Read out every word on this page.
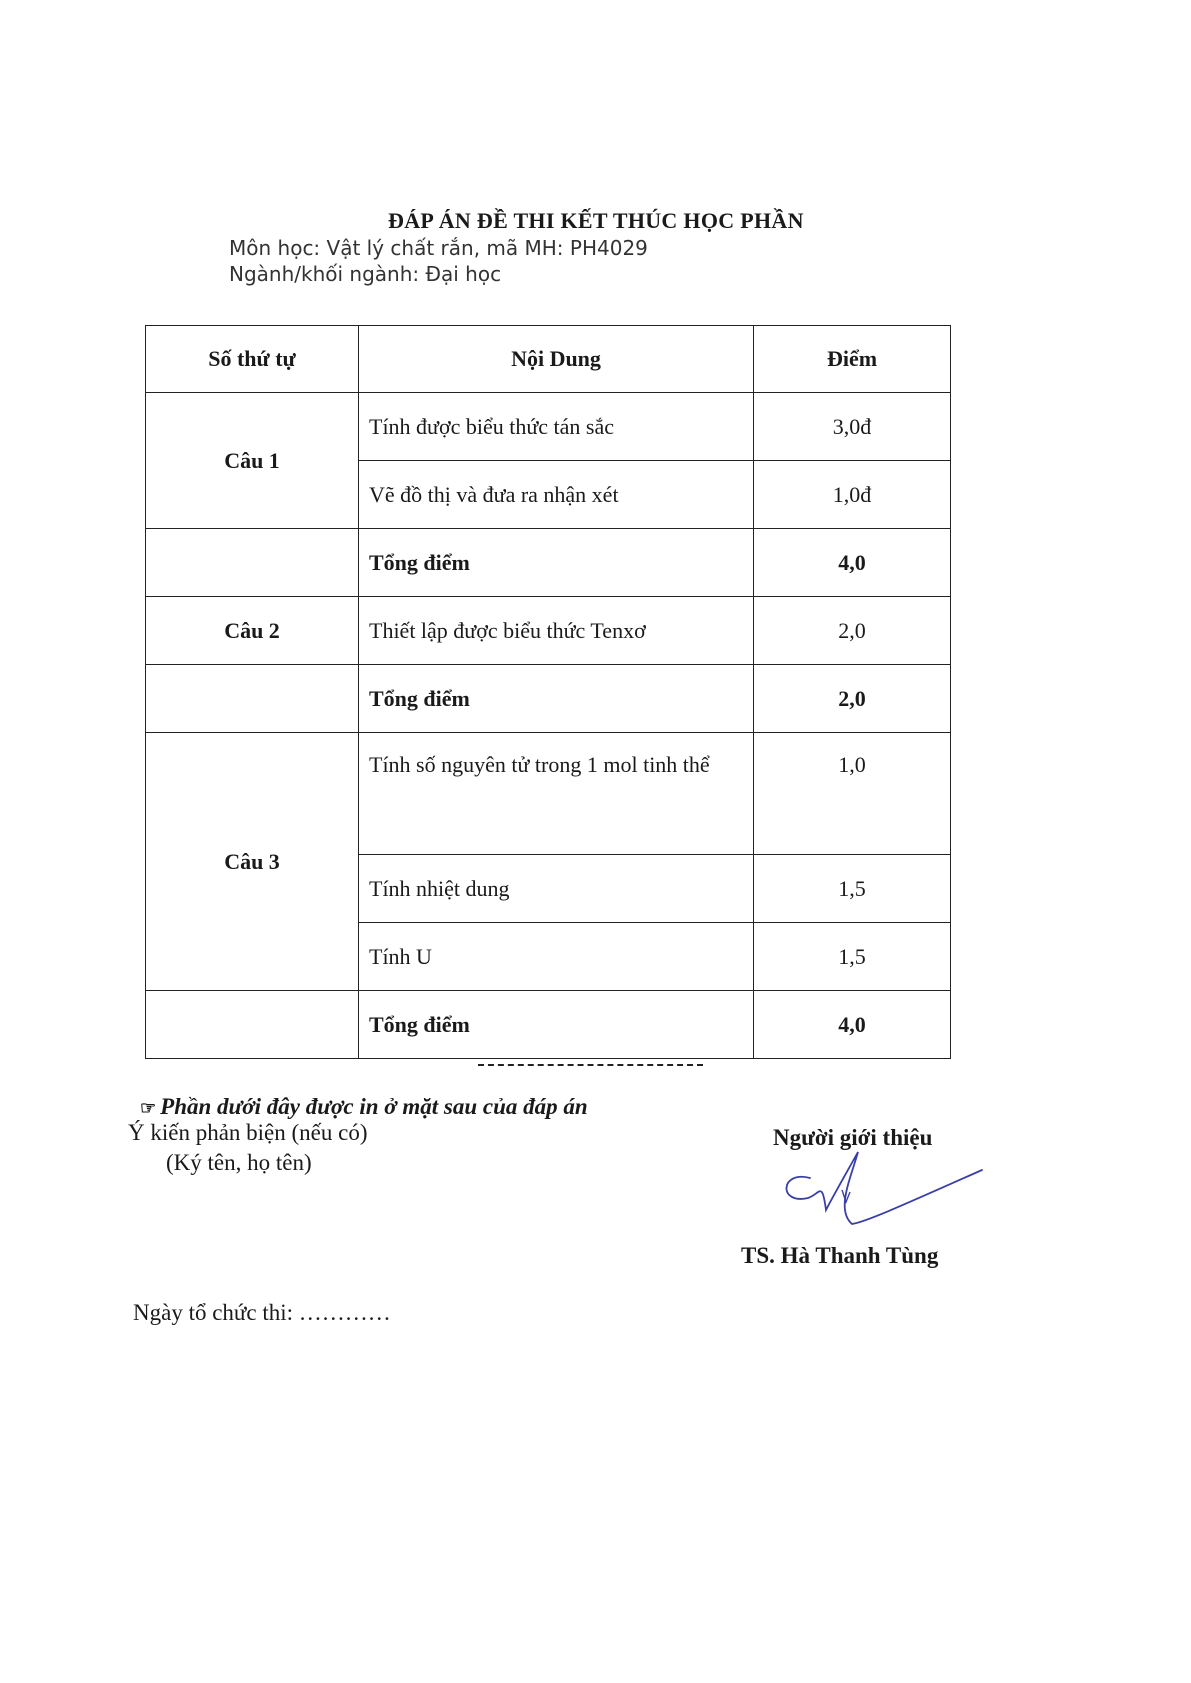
ĐÁP ÁN ĐỀ THI KẾT THÚC HỌC PHẦN
Môn học: Vật lý chất rắn, mã MH: PH4029
Ngành/khối ngành: Đại học
Số thứ tự	Nội Dung	Điểm
Câu 1	Tính được biểu thức tán sắc	3,0đ
	Vẽ đồ thị và đưa ra nhận xét	1,0đ
	Tổng điểm	4,0
Câu 2	Thiết lập được biểu thức Tenxơ	2,0
	Tổng điểm	2,0
Câu 3	Tính số nguyên tử trong 1 mol tinh thể	1,0
	Tính nhiệt dung	1,5
	Tính U	1,5
	Tổng điểm	4,0
☞ Phần dưới đây được in ở mặt sau của đáp án
Ý kiến phản biện (nếu có)
(Ký tên, họ tên)
Người giới thiệu
TS. Hà Thanh Tùng
Ngày tổ chức thi: …………
